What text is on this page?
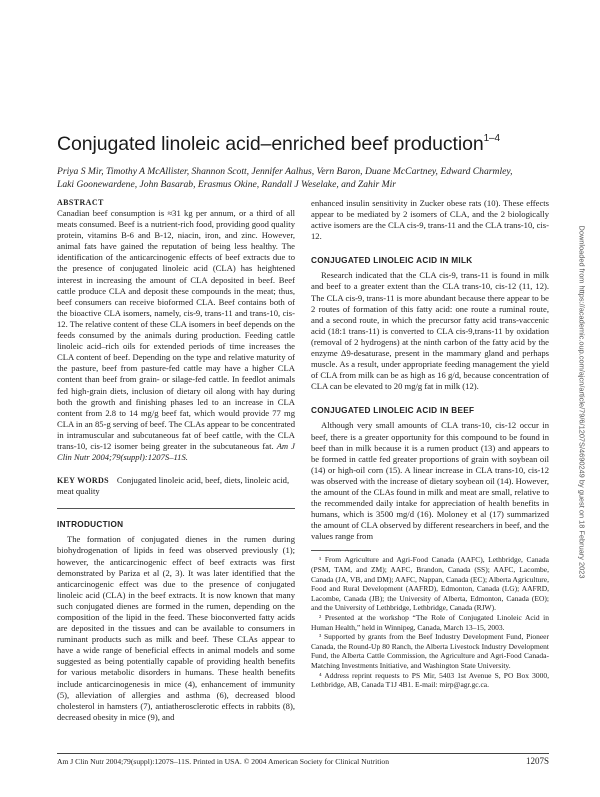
Conjugated linoleic acid–enriched beef production$^{1-4}$
Priya S Mir, Timothy A McAllister, Shannon Scott, Jennifer Aalhus, Vern Baron, Duane McCartney, Edward Charmley,
Laki Goonewardene, John Basarab, Erasmus Okine, Randall J Weselake, and Zahir Mir
ABSTRACT

Canadian beef consumption is ≈31 kg per annum, or a third of all meats consumed. Beef is a nutrient-rich food, providing good quality protein, vitamins B-6 and B-12, niacin, iron, and zinc. However, animal fats have gained the reputation of being less healthy. The identification of the anticarcinogenic effects of beef extracts due to the presence of conjugated linoleic acid (CLA) has heightened interest in increasing the amount of CLA deposited in beef. Beef cattle produce CLA and deposit these compounds in the meat; thus, beef consumers can receive bioformed CLA. Beef contains both of the bioactive CLA isomers, namely, cis-9, trans-11 and trans-10, cis-12. The relative content of these CLA isomers in beef depends on the feeds consumed by the animals during production. Feeding cattle linoleic acid–rich oils for extended periods of time increases the CLA content of beef. Depending on the type and relative maturity of the pasture, beef from pasture-fed cattle may have a higher CLA content than beef from grain- or silage-fed cattle. In feedlot animals fed high-grain diets, inclusion of dietary oil along with hay during both the growth and finishing phases led to an increase in CLA content from 2.8 to 14 mg/g beef fat, which would provide 77 mg CLA in an 85-g serving of beef. The CLAs appear to be concentrated in intramuscular and subcutaneous fat of beef cattle, with the CLA trans-10, cis-12 isomer being greater in the subcutaneous fat. Am J Clin Nutr 2004;79(suppl):1207S–11S.

KEY WORDS Conjugated linoleic acid, beef, diets, linoleic acid, meat quality
INTRODUCTION

The formation of conjugated dienes in the rumen during biohydrogenation of lipids in feed was observed previously (1); however, the anticarcinogenic effect of beef extracts was first demonstrated by Pariza et al (2, 3). It was later identified that the anticarcinogenic effect was due to the presence of conjugated linoleic acid (CLA) in the beef extracts. It is now known that many such conjugated dienes are formed in the rumen, depending on the composition of the lipid in the feed. These bioconverted fatty acids are deposited in the tissues and can be available to consumers in ruminant products such as milk and beef. These CLAs appear to have a wide range of beneficial effects in animal models and some suggested as being potentially capable of providing health benefits for various metabolic disorders in humans. These health benefits include anticarcinogenesis in mice (4), enhancement of immunity (5), alleviation of allergies and asthma (6), decreased blood cholesterol in hamsters (7), antiatherosclerotic effects in rabbits (8), decreased obesity in mice (9), and

enhanced insulin sensitivity in Zucker obese rats (10). These effects appear to be mediated by 2 isomers of CLA, and the 2 biologically active isomers are the CLA cis-9, trans-11 and the CLA trans-10, cis-12.

CONJUGATED LINOLEIC ACID IN MILK

Research indicated that the CLA cis-9, trans-11 is found in milk and beef to a greater extent than the CLA trans-10, cis-12 (11, 12). The CLA cis-9, trans-11 is more abundant because there appear to be 2 routes of formation of this fatty acid: one route a ruminal route, and a second route, in which the precursor fatty acid trans-vaccenic acid (18:1 trans-11) is converted to CLA cis-9,trans-11 by oxidation (removal of 2 hydrogens) at the ninth carbon of the fatty acid by the enzyme Δ9-desaturase, present in the mammary gland and perhaps muscle. As a result, under appropriate feeding management the yield of CLA from milk can be as high as 16 g/d, because concentration of CLA can be elevated to 20 mg/g fat in milk (12).

CONJUGATED LINOLEIC ACID IN BEEF

Although very small amounts of CLA trans-10, cis-12 occur in beef, there is a greater opportunity for this compound to be found in beef than in milk because it is a rumen product (13) and appears to be formed in cattle fed greater proportions of grain with soybean oil (14) or high-oil corn (15). A linear increase in CLA trans-10, cis-12 was observed with the increase of dietary soybean oil (14). However, the amount of the CLAs found in milk and meat are small, relative to the recommended daily intake for appreciation of health benefits in humans, which is 3500 mg/d (16). Moloney et al (17) summarized the amount of CLA observed by different researchers in beef, and the values range from

¹ From Agriculture and Agri-Food Canada (AAFC), Lethbridge, Canada (PSM, TAM, and ZM); AAFC, Brandon, Canada (SS); AAFC, Lacombe, Canada (JA, VB, and DM); AAFC, Nappan, Canada (EC); Alberta Agriculture, Food and Rural Development (AAFRD), Edmonton, Canada (LG); AAFRD, Lacombe, Canada (JB); the University of Alberta, Edmonton, Canada (EO); and the University of Lethbridge, Lethbridge, Canada (RJW).

² Presented at the workshop “The Role of Conjugated Linoleic Acid in Human Health,” held in Winnipeg, Canada, March 13–15, 2003.

³ Supported by grants from the Beef Industry Development Fund, Pioneer Canada, the Round-Up 80 Ranch, the Alberta Livestock Industry Development Fund, the Alberta Cattle Commission, the Agriculture and Agri-Food Canada-Matching Investments Initiative, and Washington State University.

⁴ Address reprint requests to PS Mir, 5403 1st Avenue S, PO Box 3000, Lethbridge, AB, Canada T1J 4B1. E-mail: mirp@agr.gc.ca.

Am J Clin Nutr 2004;79(suppl):1207S–11S. Printed in USA. © 2004 American Society for Clinical Nutrition	1207S
Downloaded from https://academic.oup.com/ajcn/article/79/6/1207S/4690249 by guest on 18 February 2023
